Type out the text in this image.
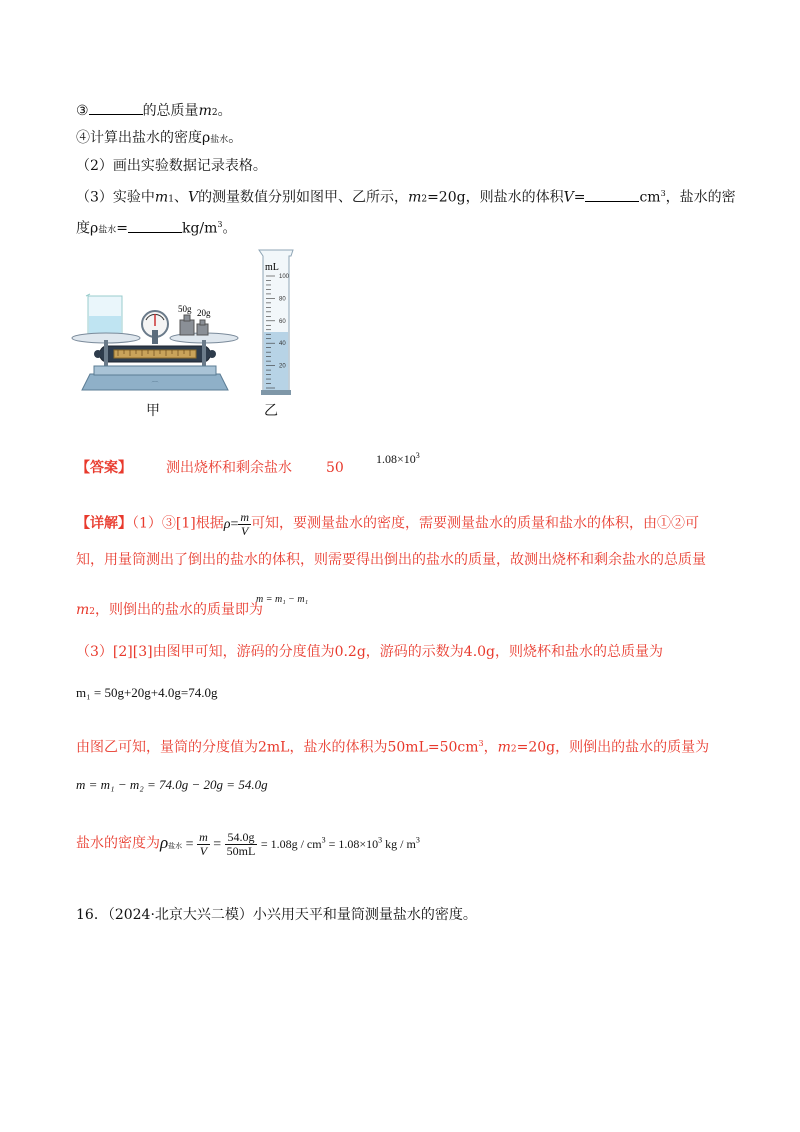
③	的总质量m2。
④计算出盐水的密度ρ盐水。
（2）画出实验数据记录表格。
（3）实验中m1、V的测量数值分别如图甲、乙所示，m2=20g，则盐水的体积V=	$cm^3$，盐水的密
度ρ盐水=	$kg/m^3$。
50g 20g
⌒
甲
mL
100
80
60
40
20
乙
【答案】 测出烧杯和剩余盐水 50
$1.08\times 10^3$
【详解】（1）③[1]根据$\rho= \frac{m}{V}$ 可知，要测量盐水的密度，需要测量盐水的质量和盐水的体积，由①②可
知，用量筒测出了倒出的盐水的体积，则需要得出倒出的盐水的质量，故测出烧杯和剩余盐水的总质量
m2，则倒出的盐水的质量即为
m = m₁ − m₁
（3）[2][3]由图甲可知，游码的分度值为0.2g，游码的示数为4.0g，则烧杯和盐水的总质量为
m₁ = 50g+20g+4.0g=74.0g
由图乙可知，量筒的分度值为2mL，盐水的体积为$50mL=50cm^3$，m2=20g，则倒出的盐水的质量为
m = m₁ − m₂ = 74.0g − 20g = 54.0g
盐水的密度为ρ盐水 = $\frac{m}{V} = \frac{54.0g}{50mL} = 1.08g / cm^3 = 1.08\times 10^3$ kg / $m^3$
16．（2024·北京大兴二模）小兴用天平和量筒测量盐水的密度。
